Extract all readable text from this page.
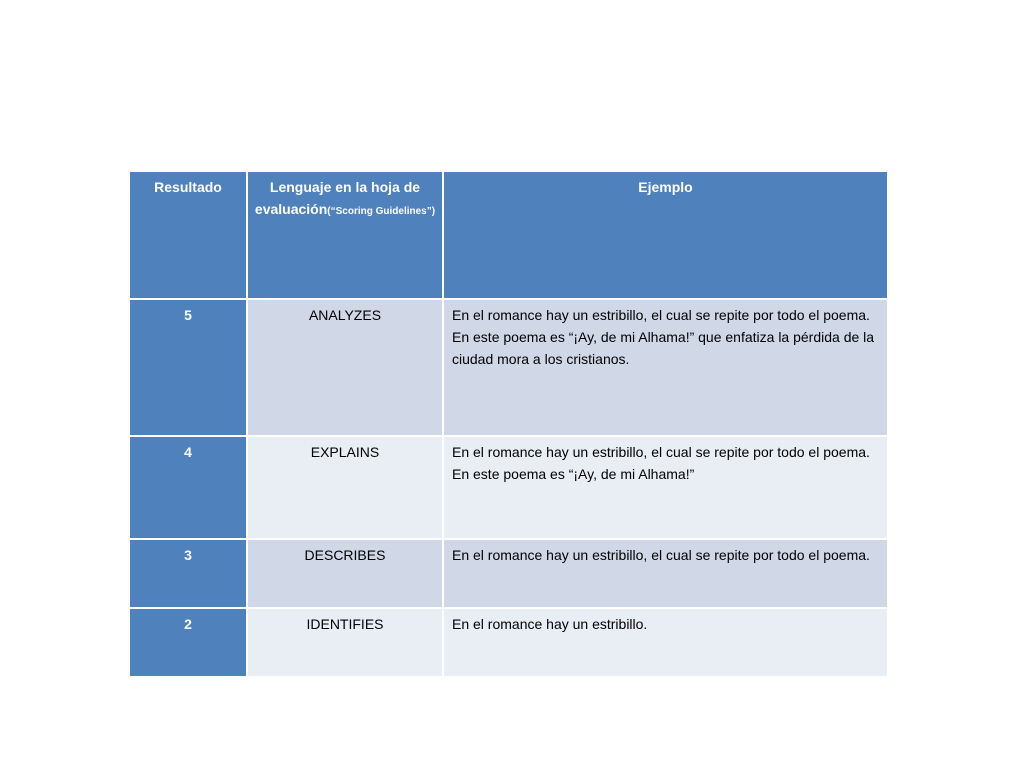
Resultado	Lenguaje en la hoja de evaluación(“Scoring Guidelines”)	Ejemplo
5	ANALYZES	En el romance hay un estribillo, el cual se repite por todo el poema. En este poema es “¡Ay, de mi Alhama!” que enfatiza la pérdida de la ciudad mora a los cristianos.
4	EXPLAINS	En el romance hay un estribillo, el cual se repite por todo el poema. En este poema es “¡Ay, de mi Alhama!”
3	DESCRIBES	En el romance hay un estribillo, el cual se repite por todo el poema.
2	IDENTIFIES	En el romance hay un estribillo.
